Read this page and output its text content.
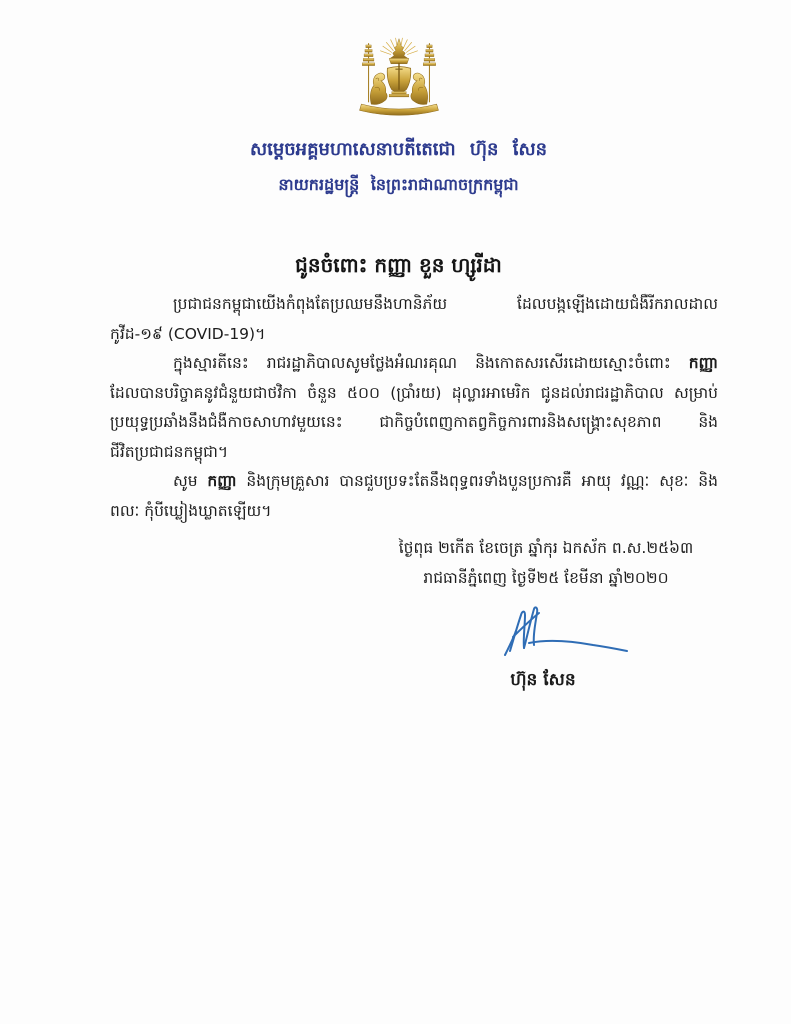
សម្តេចអគ្គមហាសេនាបតីតេជោ ហ៊ុន សែន
នាយករដ្ឋមន្ត្រី នៃព្រះរាជាណាចក្រកម្ពុជា
ជូនចំពោះ កញ្ញា ខួន ហ្សូរីដា
ប្រជាជនកម្ពុជាយើងកំពុងតែប្រឈមនឹងហានិភ័យ ដែលបង្កឡើងដោយជំងឺរីករាលដាល
កូវីដ-១៩ (COVID-19)។
ក្នុងស្មារតីនេះ រាជរដ្ឋាភិបាលសូមថ្លែងអំណរគុណ និងកោតសរសើរដោយស្មោះចំពោះ កញ្ញា
ដែលបានបរិច្ចាគនូវជំនួយជាថវិកា ចំនួន ៥០០ (ប្រាំរយ) ដុល្លារអាមេរិក ជូនដល់រាជរដ្ឋាភិបាល សម្រាប់
ប្រយុទ្ធប្រឆាំងនឹងជំងឺកាចសាហាវមួយនេះ ជាកិច្ចបំពេញកាតព្វកិច្ចការពារនិងសង្គ្រោះសុខភាព និង
ជីវិតប្រជាជនកម្ពុជា។
សូម កញ្ញា និងក្រុមគ្រួសារ បានជួបប្រទះតែនឹងពុទ្ធពរទាំងបួនប្រការគឺ អាយុ វណ្ណៈ សុខៈ និង
ពលៈ កុំបីឃ្លៀងឃ្លាតឡើយ។
ថ្ងៃពុធ ២កើត ខែចេត្រ ឆ្នាំកុរ ឯកស័ក ព.ស.២៥៦៣
រាជធានីភ្នំពេញ ថ្ងៃទី២៥ ខែមីនា ឆ្នាំ២០២០
ហ៊ុន សែន
